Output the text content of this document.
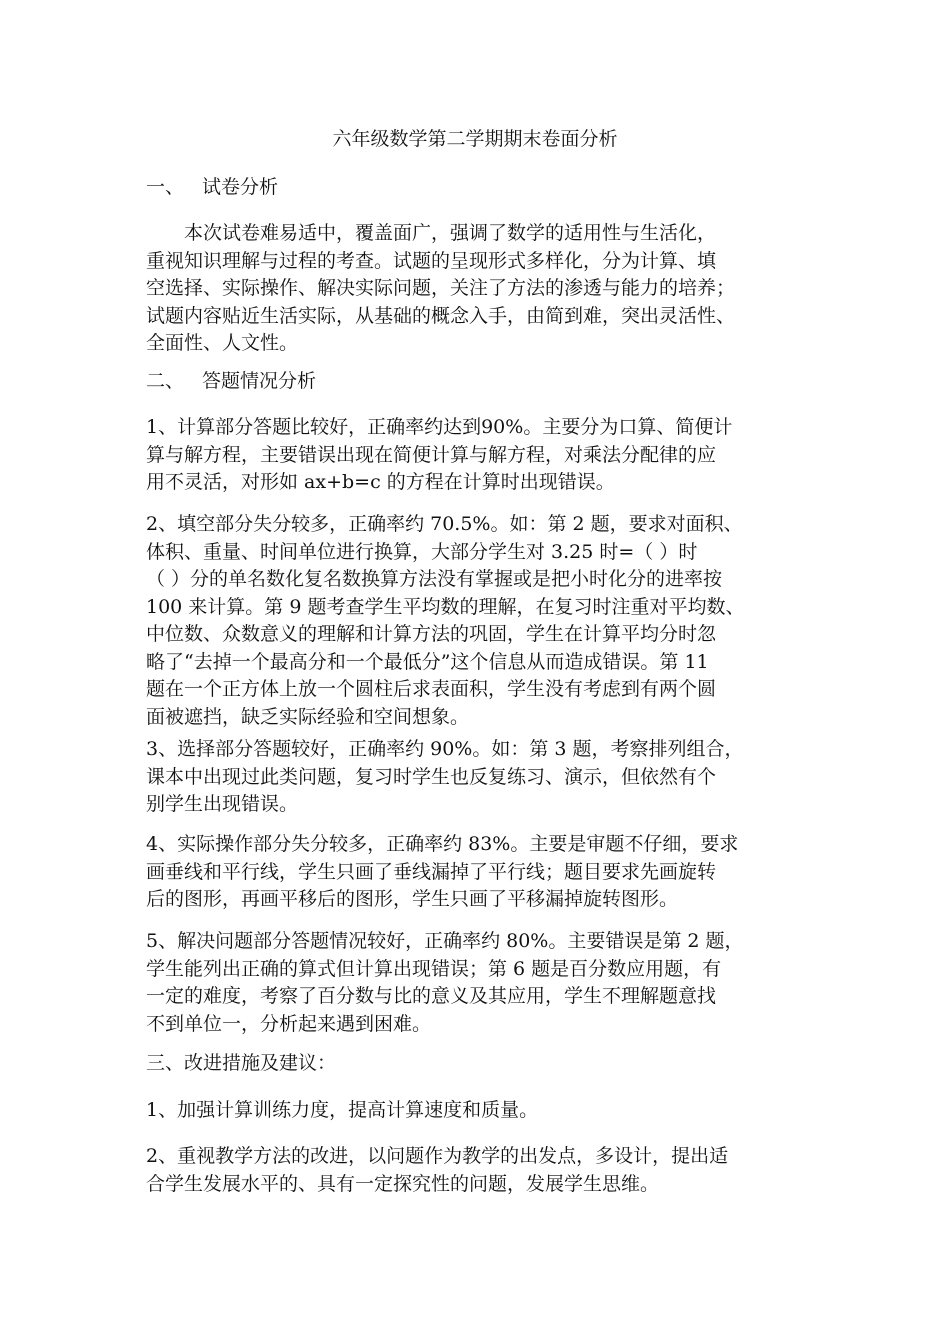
六年级数学第二学期期末卷面分析
一、 试卷分析
　　本次试卷难易适中，覆盖面广，强调了数学的适用性与生活化，
重视知识理解与过程的考查。试题的呈现形式多样化，分为计算、填
空选择、实际操作、解决实际问题，关注了方法的渗透与能力的培养；
试题内容贴近生活实际，从基础的概念入手，由简到难，突出灵活性、
全面性、人文性。
二、 答题情况分析
1、计算部分答题比较好，正确率约达到90%。主要分为口算、简便计
算与解方程，主要错误出现在简便计算与解方程，对乘法分配律的应
用不灵活，对形如 ax+b=c 的方程在计算时出现错误。
2、填空部分失分较多，正确率约 70.5%。如：第 2 题，要求对面积、
体积、重量、时间单位进行换算，大部分学生对 3.25 时=（ ）时
（ ）分的单名数化复名数换算方法没有掌握或是把小时化分的进率按
100 来计算。第 9 题考查学生平均数的理解，在复习时注重对平均数、
中位数、众数意义的理解和计算方法的巩固，学生在计算平均分时忽
略了“去掉一个最高分和一个最低分”这个信息从而造成错误。第 11
题在一个正方体上放一个圆柱后求表面积，学生没有考虑到有两个圆
面被遮挡，缺乏实际经验和空间想象。
3、选择部分答题较好，正确率约 90%。如：第 3 题，考察排列组合，
课本中出现过此类问题，复习时学生也反复练习、演示，但依然有个
别学生出现错误。
4、实际操作部分失分较多，正确率约 83%。主要是审题不仔细，要求
画垂线和平行线，学生只画了垂线漏掉了平行线；题目要求先画旋转
后的图形，再画平移后的图形，学生只画了平移漏掉旋转图形。
5、解决问题部分答题情况较好，正确率约 80%。主要错误是第 2 题，
学生能列出正确的算式但计算出现错误；第 6 题是百分数应用题，有
一定的难度，考察了百分数与比的意义及其应用，学生不理解题意找
不到单位一，分析起来遇到困难。
三、改进措施及建议：
1、加强计算训练力度，提高计算速度和质量。
2、重视教学方法的改进，以问题作为教学的出发点，多设计，提出适
合学生发展水平的、具有一定探究性的问题，发展学生思维。
